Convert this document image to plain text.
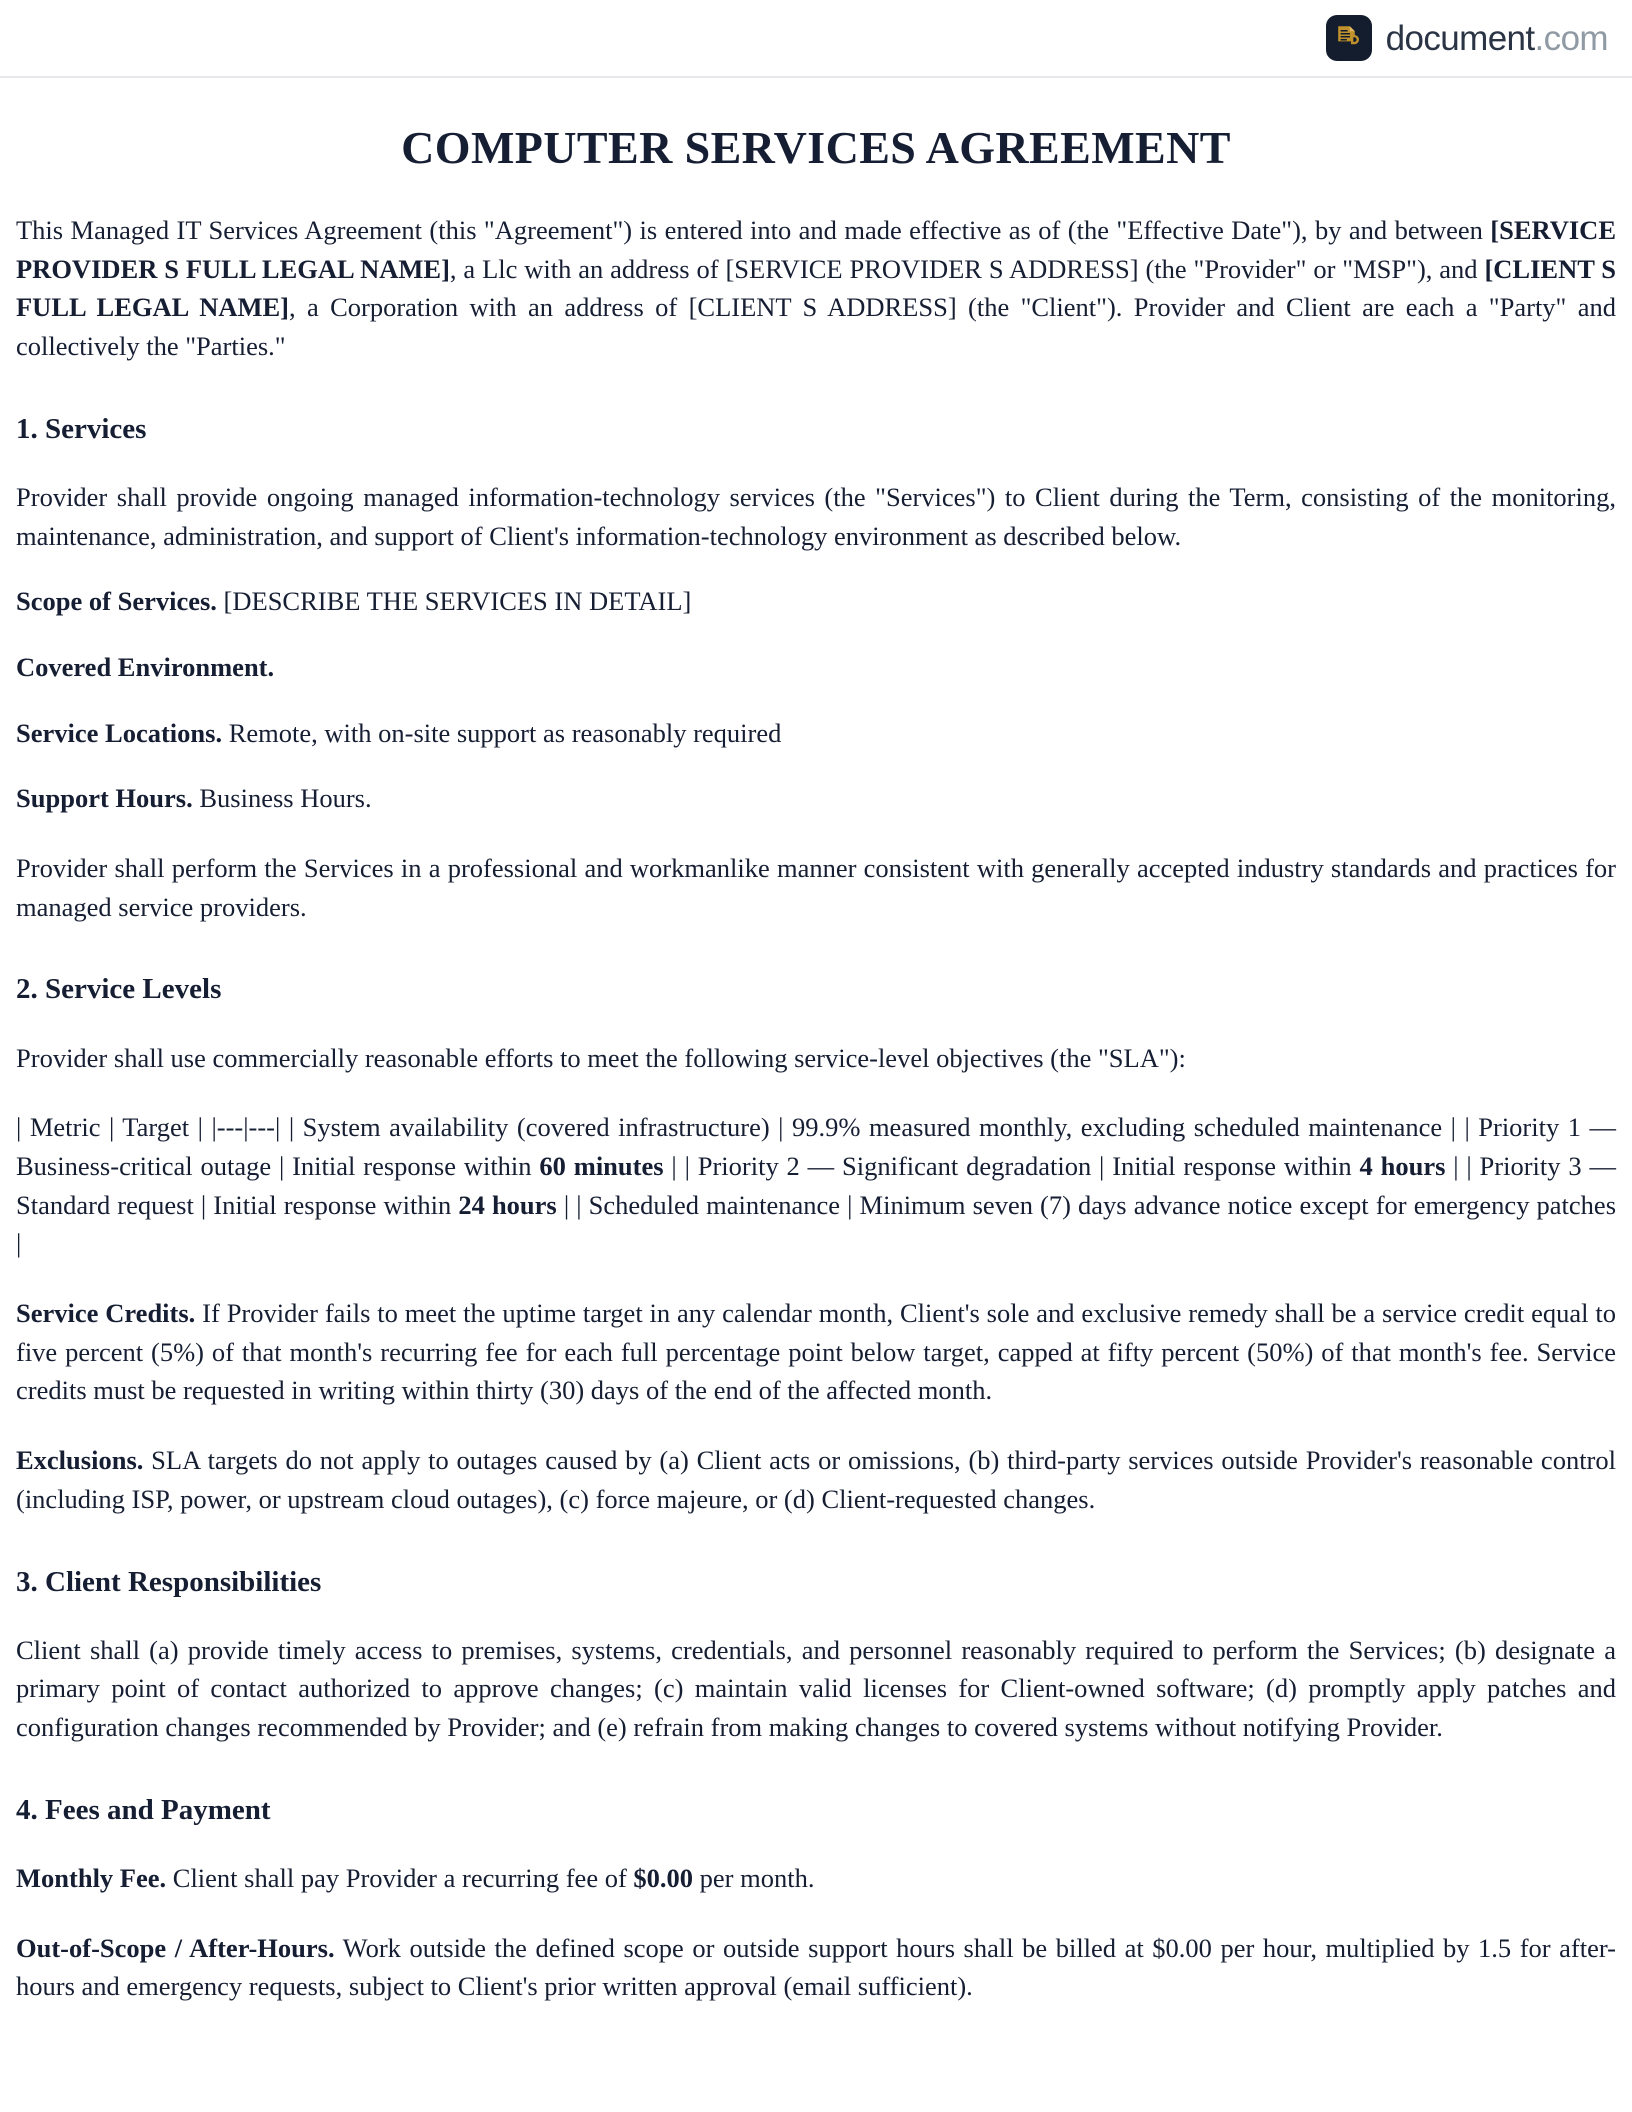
document.com
COMPUTER SERVICES AGREEMENT

This Managed IT Services Agreement (this "Agreement") is entered into and made effective as of (the "Effective Date"), by and between [SERVICE PROVIDER S FULL LEGAL NAME], a Llc with an address of [SERVICE PROVIDER S ADDRESS] (the "Provider" or "MSP"), and [CLIENT S FULL LEGAL NAME], a Corporation with an address of [CLIENT S ADDRESS] (the "Client"). Provider and Client are each a "Party" and collectively the "Parties."

1. Services

Provider shall provide ongoing managed information-technology services (the "Services") to Client during the Term, consisting of the monitoring, maintenance, administration, and support of Client's information-technology environment as described below.

Scope of Services. [DESCRIBE THE SERVICES IN DETAIL]

Covered Environment.

Service Locations. Remote, with on-site support as reasonably required

Support Hours. Business Hours.

Provider shall perform the Services in a professional and workmanlike manner consistent with generally accepted industry standards and practices for managed service providers.

2. Service Levels

Provider shall use commercially reasonable efforts to meet the following service-level objectives (the "SLA"):

| Metric | Target | |---|---| | System availability (covered infrastructure) | 99.9% measured monthly, excluding scheduled maintenance | | Priority 1 — Business-critical outage | Initial response within 60 minutes | | Priority 2 — Significant degradation | Initial response within 4 hours | | Priority 3 — Standard request | Initial response within 24 hours | | Scheduled maintenance | Minimum seven (7) days advance notice except for emergency patches |

Service Credits. If Provider fails to meet the uptime target in any calendar month, Client's sole and exclusive remedy shall be a service credit equal to five percent (5%) of that month's recurring fee for each full percentage point below target, capped at fifty percent (50%) of that month's fee. Service credits must be requested in writing within thirty (30) days of the end of the affected month.

Exclusions. SLA targets do not apply to outages caused by (a) Client acts or omissions, (b) third-party services outside Provider's reasonable control (including ISP, power, or upstream cloud outages), (c) force majeure, or (d) Client-requested changes.

3. Client Responsibilities

Client shall (a) provide timely access to premises, systems, credentials, and personnel reasonably required to perform the Services; (b) designate a primary point of contact authorized to approve changes; (c) maintain valid licenses for Client-owned software; (d) promptly apply patches and configuration changes recommended by Provider; and (e) refrain from making changes to covered systems without notifying Provider.

4. Fees and Payment

Monthly Fee. Client shall pay Provider a recurring fee of $0.00 per month.

Out-of-Scope / After-Hours. Work outside the defined scope or outside support hours shall be billed at $0.00 per hour, multiplied by 1.5 for after-hours and emergency requests, subject to Client's prior written approval (email sufficient).
